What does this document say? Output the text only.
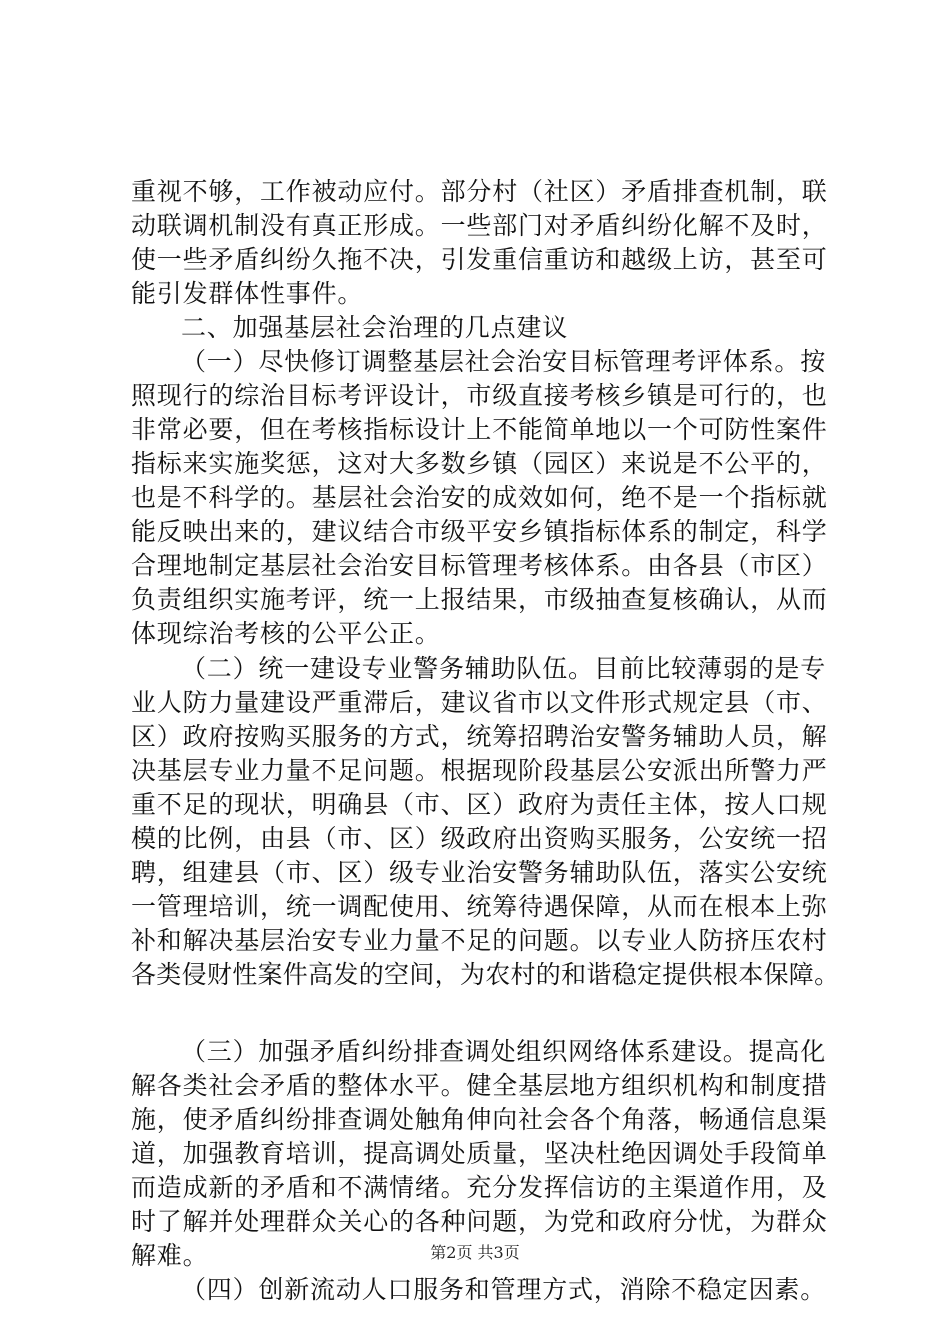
重视不够，工作被动应付。部分村（社区）矛盾排查机制，联
动联调机制没有真正形成。一些部门对矛盾纠纷化解不及时，
使一些矛盾纠纷久拖不决，引发重信重访和越级上访，甚至可
能引发群体性事件。
二、加强基层社会治理的几点建议
（一）尽快修订调整基层社会治安目标管理考评体系。按
照现行的综治目标考评设计，市级直接考核乡镇是可行的，也
非常必要，但在考核指标设计上不能简单地以一个可防性案件
指标来实施奖惩，这对大多数乡镇（园区）来说是不公平的，
也是不科学的。基层社会治安的成效如何，绝不是一个指标就
能反映出来的，建议结合市级平安乡镇指标体系的制定，科学
合理地制定基层社会治安目标管理考核体系。由各县（市区）
负责组织实施考评，统一上报结果，市级抽查复核确认，从而
体现综治考核的公平公正。
（二）统一建设专业警务辅助队伍。目前比较薄弱的是专
业人防力量建设严重滞后，建议省市以文件形式规定县（市、
区）政府按购买服务的方式，统筹招聘治安警务辅助人员，解
决基层专业力量不足问题。根据现阶段基层公安派出所警力严
重不足的现状，明确县（市、区）政府为责任主体，按人口规
模的比例，由县（市、区）级政府出资购买服务，公安统一招
聘，组建县（市、区）级专业治安警务辅助队伍，落实公安统
一管理培训，统一调配使用、统筹待遇保障，从而在根本上弥
补和解决基层治安专业力量不足的问题。以专业人防挤压农村
各类侵财性案件高发的空间，为农村的和谐稳定提供根本保障。
（三）加强矛盾纠纷排查调处组织网络体系建设。提高化
解各类社会矛盾的整体水平。健全基层地方组织机构和制度措
施，使矛盾纠纷排查调处触角伸向社会各个角落，畅通信息渠
道，加强教育培训，提高调处质量，坚决杜绝因调处手段简单
而造成新的矛盾和不满情绪。充分发挥信访的主渠道作用，及
时了解并处理群众关心的各种问题，为党和政府分忧，为群众
解难。
（四）创新流动人口服务和管理方式，消除不稳定因素。
第2页 共3页
